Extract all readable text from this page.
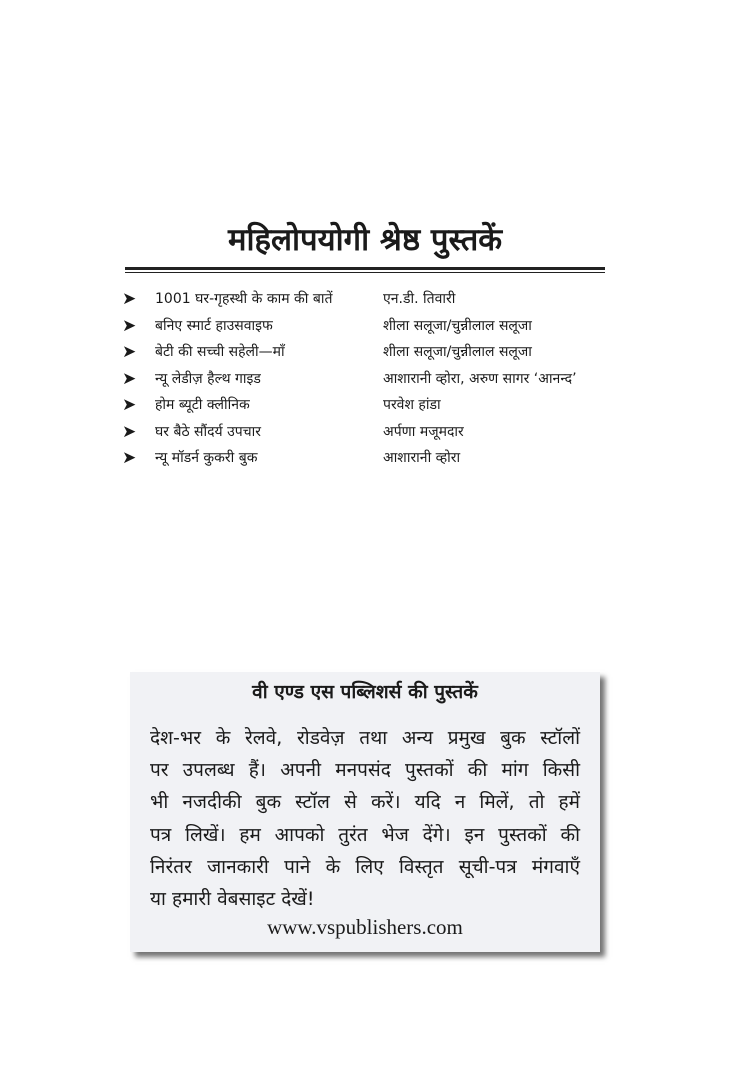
महिलोपयोगी श्रेष्ठ पुस्तकें
➤ 1001 घर-गृहस्थी के काम की बातें	एन.डी. तिवारी
➤ बनिए स्मार्ट हाउसवाइफ	शीला सलूजा/चुन्नीलाल सलूजा
➤ बेटी की सच्ची सहेली—माँ	शीला सलूजा/चुन्नीलाल सलूजा
➤ न्यू लेडीज़ हैल्थ गाइड	आशारानी व्होरा, अरुण सागर ‘आनन्द’
➤ होम ब्यूटी क्लीनिक	परवेश हांडा
➤ घर बैठे सौंदर्य उपचार	अर्पणा मजूमदार
➤ न्यू मॉडर्न कुकरी बुक	आशारानी व्होरा
वी एण्ड एस पब्लिशर्स की पुस्तकें
देश-भर के रेलवे, रोडवेज़ तथा अन्य प्रमुख बुक स्टॉलों
पर उपलब्ध हैं। अपनी मनपसंद पुस्तकों की मांग किसी
भी नजदीकी बुक स्टॉल से करें। यदि न मिलें, तो हमें
पत्र लिखें। हम आपको तुरंत भेज देंगे। इन पुस्तकों की
निरंतर जानकारी पाने के लिए विस्तृत सूची-पत्र मंगवाएँ
या हमारी वेबसाइट देखें!
www.vspublishers.com
